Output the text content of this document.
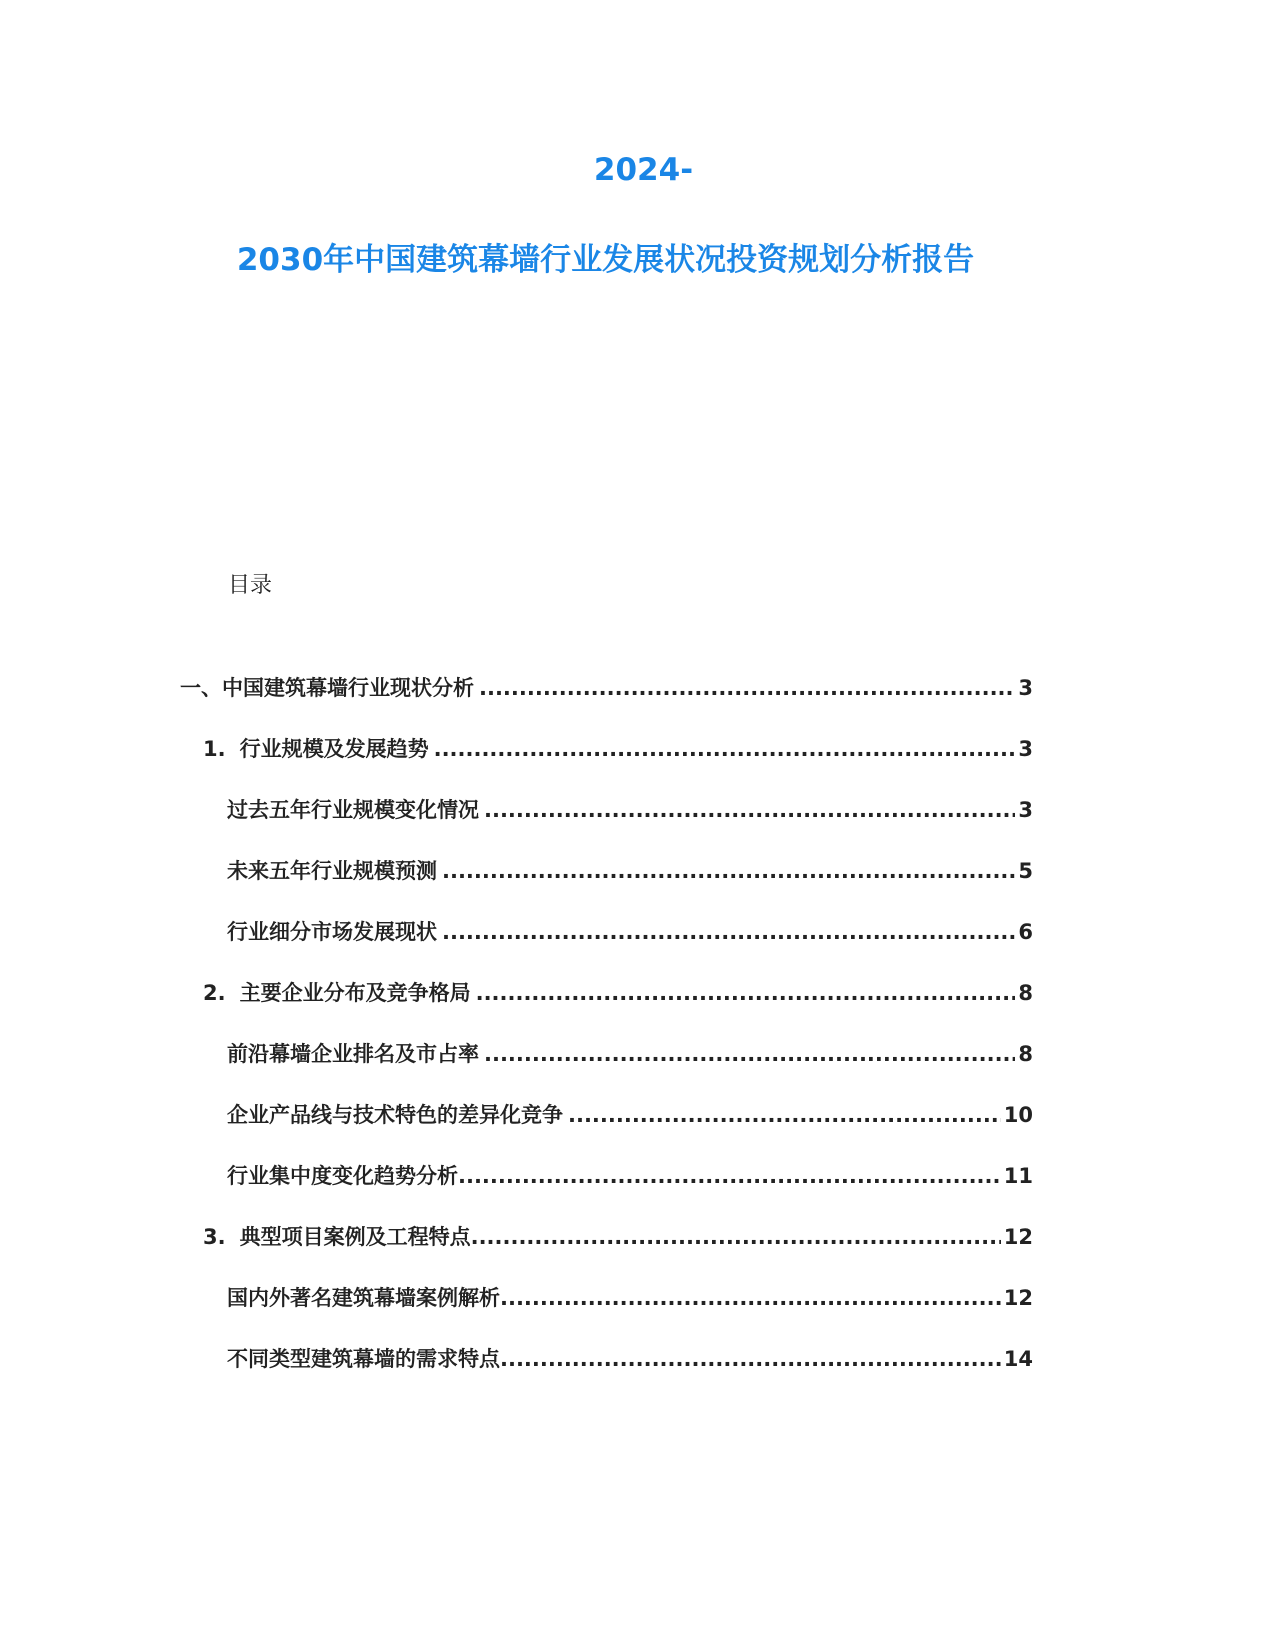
2024-
2030年中国建筑幕墙行业发展状况投资规划分析报告
目录
一、 中国建筑幕墙行业现状分析 .....	3
1. 行业规模及发展趋势 .....	3
过去五年行业规模变化情况 .....	3
未来五年行业规模预测 .....	5
行业细分市场发展现状 .....	6
2. 主要企业分布及竞争格局 .....	8
前沿幕墙企业排名及市占率 .....	8
企业产品线与技术特色的差异化竞争 .....	10
行业集中度变化趋势分析 .....	11
3. 典型项目案例及工程特点 .....	12
国内外著名建筑幕墙案例解析 .....	12
不同类型建筑幕墙的需求特点 .....	14
